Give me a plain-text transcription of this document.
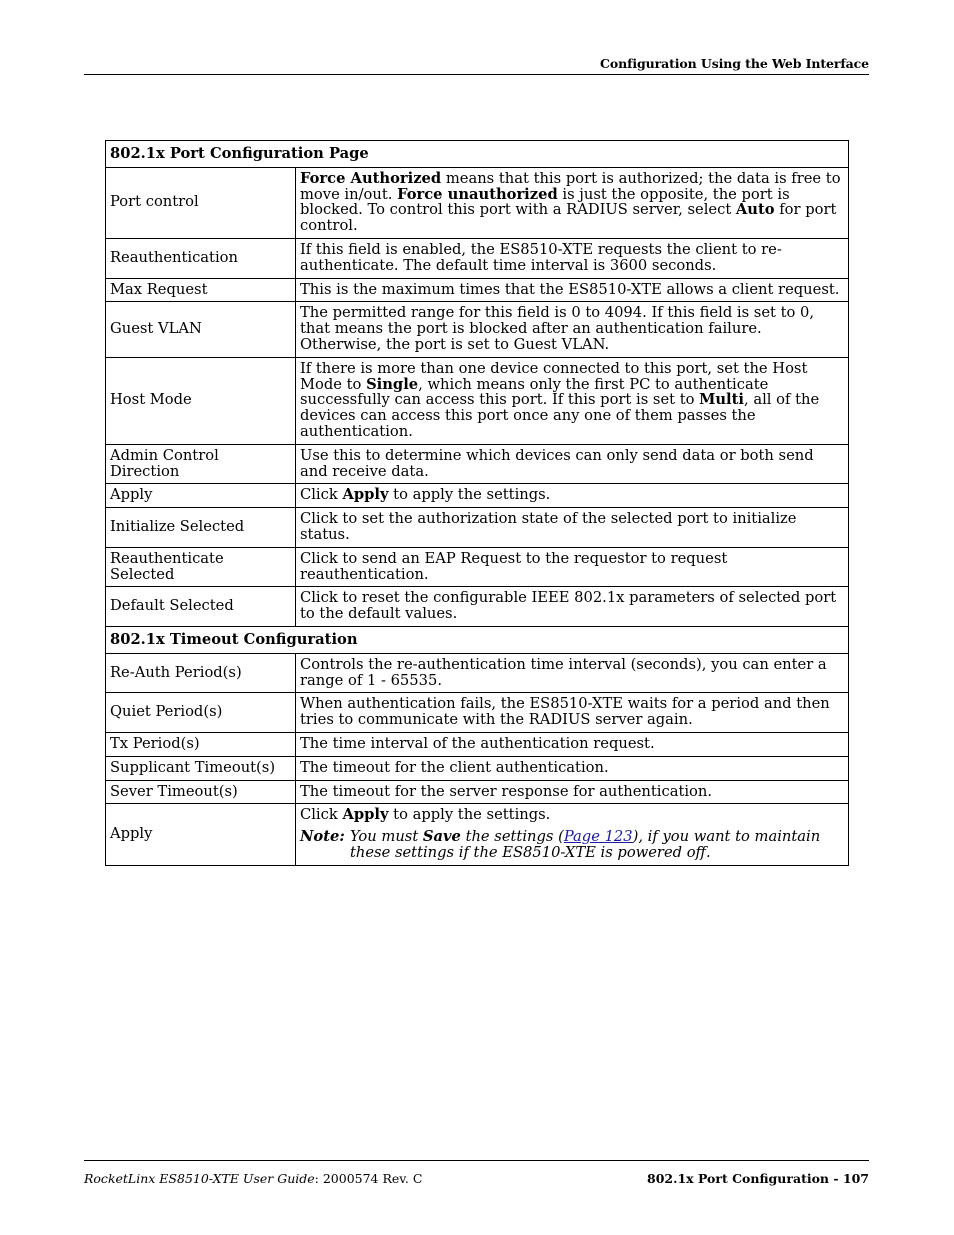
Configuration Using the Web Interface
802.1x Port Configuration Page	
Port control	Force Authorized means that this port is authorized; the data is free to move in/out. Force unauthorized is just the opposite, the port is blocked. To control this port with a RADIUS server, select Auto for port control.
Reauthentication	If this field is enabled, the ES8510-XTE requests the client to re-authenticate. The default time interval is 3600 seconds.
Max Request	This is the maximum times that the ES8510-XTE allows a client request.
Guest VLAN	The permitted range for this field is 0 to 4094. If this field is set to 0, that means the port is blocked after an authentication failure. Otherwise, the port is set to Guest VLAN.
Host Mode	If there is more than one device connected to this port, set the Host Mode to Single, which means only the first PC to authenticate successfully can access this port. If this port is set to Multi, all of the devices can access this port once any one of them passes the authentication.
Admin Control Direction	Use this to determine which devices can only send data or both send and receive data.
Apply	Click Apply to apply the settings.
Initialize Selected	Click to set the authorization state of the selected port to initialize status.
Reauthenticate Selected	Click to send an EAP Request to the requestor to request reauthentication.
Default Selected	Click to reset the configurable IEEE 802.1x parameters of selected port to the default values.
802.1x Timeout Configuration	
Re-Auth Period(s)	Controls the re-authentication time interval (seconds), you can enter a range of 1 - 65535.
Quiet Period(s)	When authentication fails, the ES8510-XTE waits for a period and then tries to communicate with the RADIUS server again.
Tx Period(s)	The time interval of the authentication request.
Supplicant Timeout(s)	The timeout for the client authentication.
Sever Timeout(s)	The timeout for the server response for authentication.
Apply	Click Apply to apply the settings.
Note: You must Save the settings (Page 123), if you want to maintain these settings if the ES8510-XTE is powered off.
RocketLinx ES8510-XTE User Guide: 2000574 Rev. C	802.1x Port Configuration - 107
